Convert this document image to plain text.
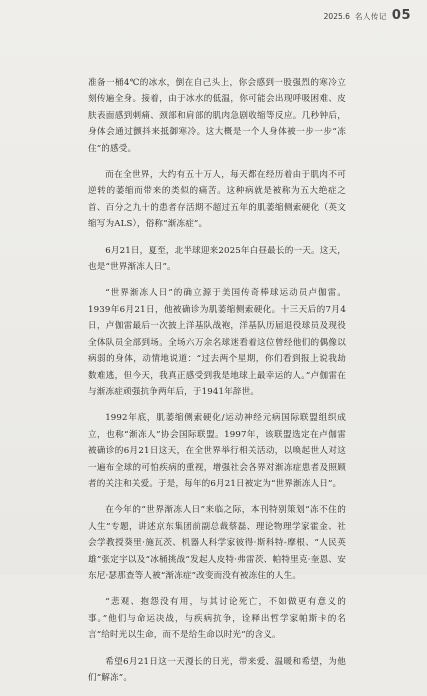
2025.6 名人传记 05

准备一桶4℃的冰水，倒在自己头上，你会感到一股强烈的寒冷立刻传遍全身。接着，由于冰水的低温，你可能会出现呼吸困难、皮肤表面感到刺痛、颈部和肩部的肌肉急剧收缩等反应。几秒钟后，身体会通过颤抖来抵御寒冷。这大概是一个人身体被一步一步“冻住”的感受。

而在全世界，大约有五十万人，每天都在经历着由于肌肉不可逆转的萎缩而带来的类似的痛苦。这种病就是被称为五大绝症之首、百分之九十的患者存活期不超过五年的肌萎缩侧索硬化（英文缩写为ALS），俗称“渐冻症”。

6月21日，夏至，北半球迎来2025年白昼最长的一天。这天，也是“世界渐冻人日”。

“世界渐冻人日”的确立源于美国传奇棒球运动员卢伽雷。1939年6月21日，他被确诊为肌萎缩侧索硬化。十三天后的7月4日，卢伽雷最后一次披上洋基队战袍，洋基队历届退役球员及现役全体队员全部到场。全场六万余名球迷看着这位曾经他们的偶像以病弱的身体，动情地说道：“过去两个星期，你们看到报上说我劫数难逃，但今天，我真正感受到我是地球上最幸运的人。”卢伽雷在与渐冻症顽强抗争两年后，于1941年辞世。

1992年底，肌萎缩侧索硬化/运动神经元病国际联盟组织成立，也称“渐冻人”协会国际联盟。1997年，该联盟选定在卢伽雷被确诊的6月21日这天，在全世界举行相关活动，以唤起世人对这一遍布全球的可怕疾病的重视，增强社会各界对渐冻症患者及照顾者的关注和关爱。于是，每年的6月21日被定为“世界渐冻人日”。

在今年的“世界渐冻人日”来临之际，本刊特别策划“冻不住的人生”专题，讲述京东集团前副总裁蔡磊、理论物理学家霍金、社会学教授葵里·施瓦茨、机器人科学家彼得·斯科特-摩根、“人民英雄”张定宇以及“冰桶挑战”发起人皮特·弗雷茨、帕特里克·奎恩、安东尼·瑟那查等人被“渐冻症”改变而没有被冻住的人生。

“悲观、抱怨没有用，与其讨论死亡，不如做更有意义的事。”他们与命运决战，与疾病抗争，诠释出哲学家帕斯卡的名言“给时光以生命，而不是给生命以时光”的含义。

希望6月21日这一天漫长的日光，带来爱、温暖和希望，为他们“解冻”。
